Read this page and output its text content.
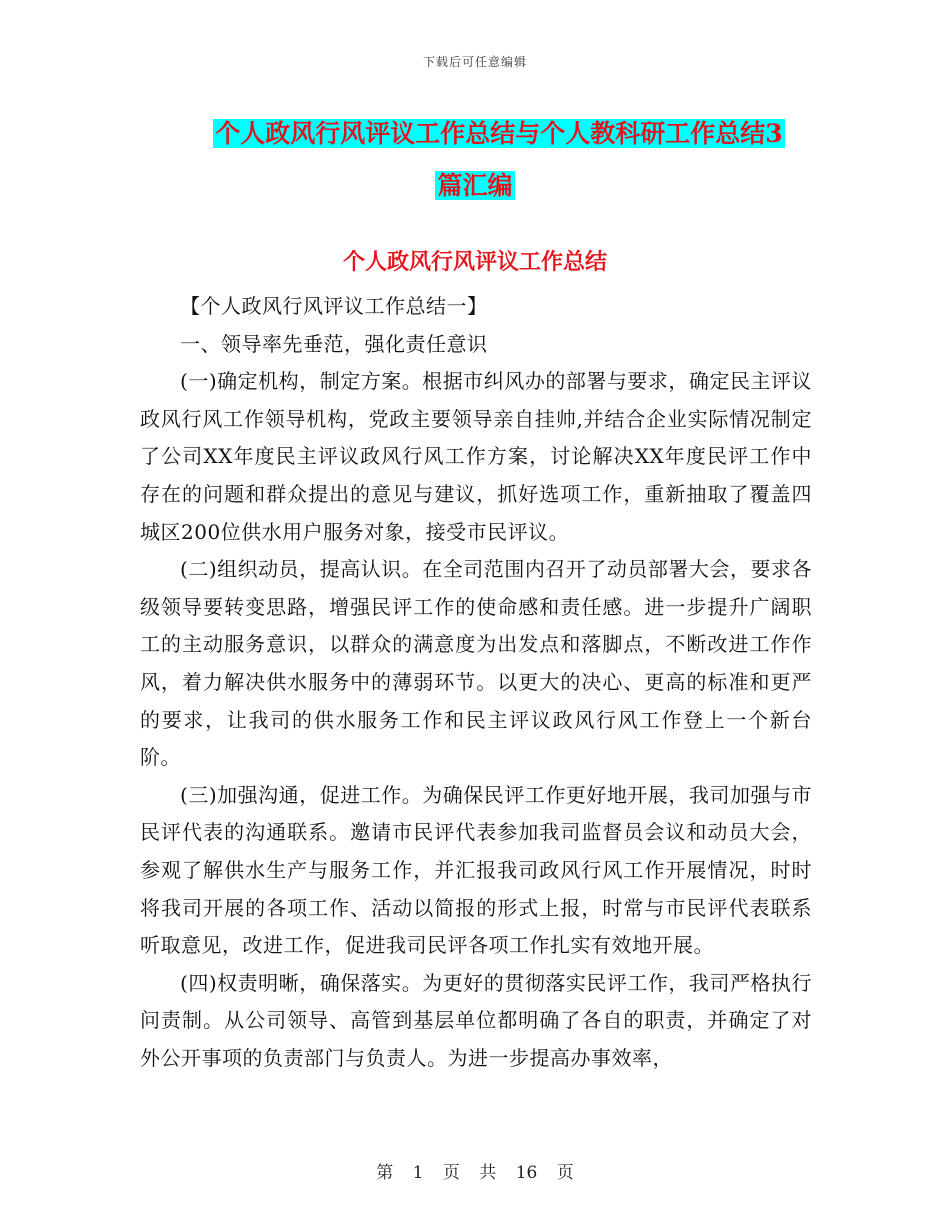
下载后可任意编辑
个人政风行风评议工作总结与个人教科研工作总结3
篇汇编
个人政风行风评议工作总结

【个人政风行风评议工作总结一】

一、领导率先垂范，强化责任意识

(一)确定机构，制定方案。根据市纠风办的部署与要求，确定民主评议政风行风工作领导机构，党政主要领导亲自挂帅,并结合企业实际情况制定了公司XX年度民主评议政风行风工作方案，讨论解决XX年度民评工作中存在的问题和群众提出的意见与建议，抓好选项工作，重新抽取了覆盖四城区200位供水用户服务对象，接受市民评议。

(二)组织动员，提高认识。在全司范围内召开了动员部署大会，要求各级领导要转变思路，增强民评工作的使命感和责任感。进一步提升广阔职工的主动服务意识，以群众的满意度为出发点和落脚点，不断改进工作作风，着力解决供水服务中的薄弱环节。以更大的决心、更高的标准和更严的要求，让我司的供水服务工作和民主评议政风行风工作登上一个新台阶。

(三)加强沟通，促进工作。为确保民评工作更好地开展，我司加强与市民评代表的沟通联系。邀请市民评代表参加我司监督员会议和动员大会，参观了解供水生产与服务工作，并汇报我司政风行风工作开展情况，时时将我司开展的各项工作、活动以简报的形式上报，时常与市民评代表联系听取意见，改进工作，促进我司民评各项工作扎实有效地开展。

(四)权责明晰，确保落实。为更好的贯彻落实民评工作，我司严格执行问责制。从公司领导、高管到基层单位都明确了各自的职责，并确定了对外公开事项的负责部门与负责人。为进一步提高办事效率，

第 1 页 共 16 页
